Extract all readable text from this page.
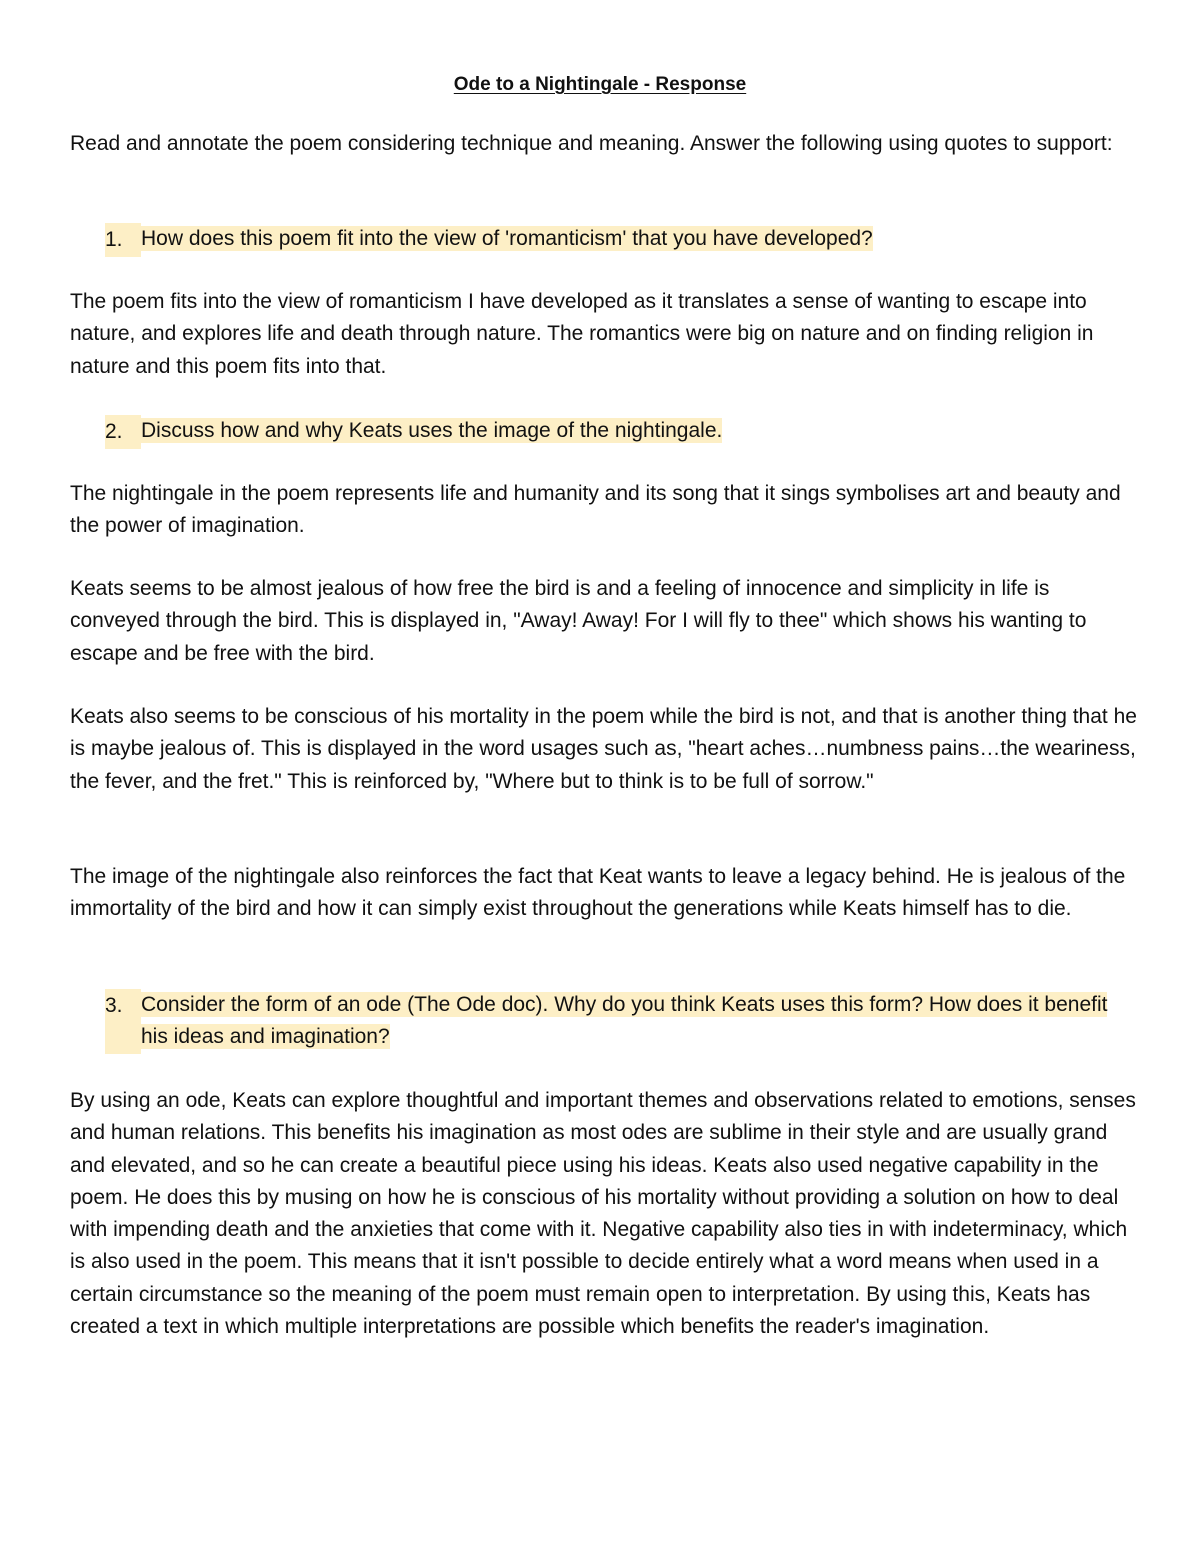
Ode to a Nightingale - Response

Read and annotate the poem considering technique and meaning. Answer the following using quotes to support:

1. How does this poem fit into the view of 'romanticism' that you have developed?

The poem fits into the view of romanticism I have developed as it translates a sense of wanting to escape into nature, and explores life and death through nature. The romantics were big on nature and on finding religion in nature and this poem fits into that.

2. Discuss how and why Keats uses the image of the nightingale.

The nightingale in the poem represents life and humanity and its song that it sings symbolises art and beauty and the power of imagination.

Keats seems to be almost jealous of how free the bird is and a feeling of innocence and simplicity in life is conveyed through the bird. This is displayed in, "Away! Away! For I will fly to thee" which shows his wanting to escape and be free with the bird.

Keats also seems to be conscious of his mortality in the poem while the bird is not, and that is another thing that he is maybe jealous of. This is displayed in the word usages such as, "heart aches…numbness pains…the weariness, the fever, and the fret." This is reinforced by, "Where but to think is to be full of sorrow."

The image of the nightingale also reinforces the fact that Keat wants to leave a legacy behind. He is jealous of the immortality of the bird and how it can simply exist throughout the generations while Keats himself has to die.

3. Consider the form of an ode (The Ode doc). Why do you think Keats uses this form? How does it benefit his ideas and imagination?

By using an ode, Keats can explore thoughtful and important themes and observations related to emotions, senses and human relations. This benefits his imagination as most odes are sublime in their style and are usually grand and elevated, and so he can create a beautiful piece using his ideas. Keats also used negative capability in the poem. He does this by musing on how he is conscious of his mortality without providing a solution on how to deal with impending death and the anxieties that come with it. Negative capability also ties in with indeterminacy, which is also used in the poem. This means that it isn't possible to decide entirely what a word means when used in a certain circumstance so the meaning of the poem must remain open to interpretation. By using this, Keats has created a text in which multiple interpretations are possible which benefits the reader's imagination.
